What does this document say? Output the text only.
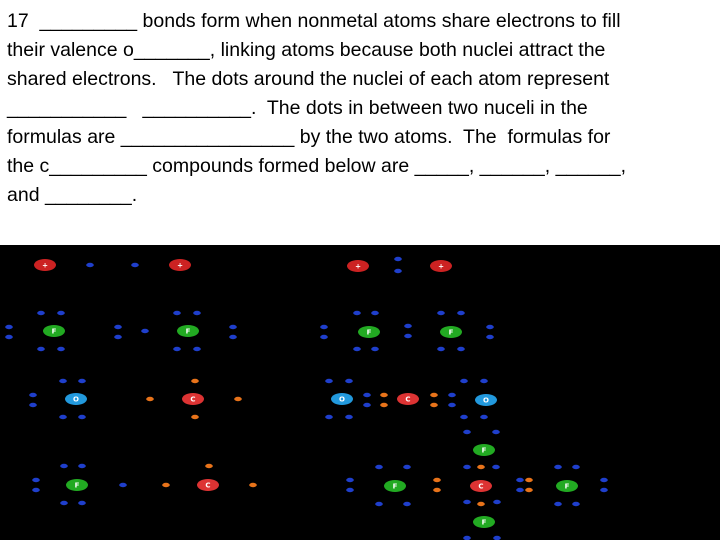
17  _________ bonds form when nonmetal atoms share electrons to fill
their valence o_______, linking atoms because both nuclei attract the
shared electrons.   The dots around the nuclei of each atom represent
___________   __________.  The dots in between two nuceli in the
formulas are ________________ by the two atoms.  The  formulas for
the c_________ compounds formed below are _____, ______, ______,
and ________.
+	+
F	F
O	C
F	C
+	+
F	F
O	O
C
F
F	F
F
C
